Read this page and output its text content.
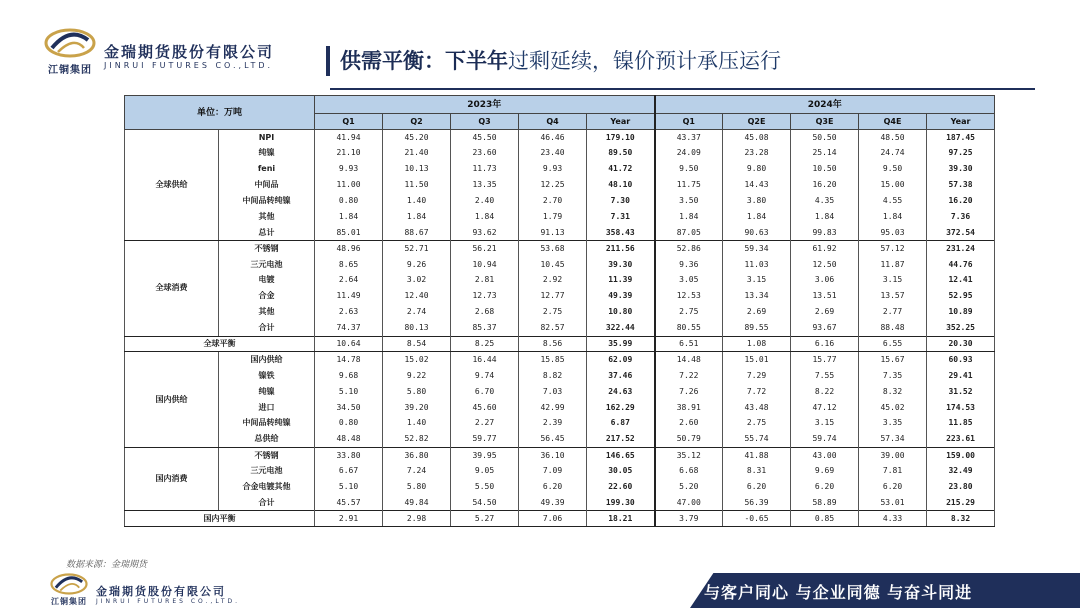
江铜集团
金瑞期货股份有限公司
JINRUI FUTURES CO.,LTD.	供需平衡：下半年过剩延续，镍价预计承压运行
单位：万吨		2023年					2024年				
		Q1	Q2	Q3	Q4	Year	Q1	Q2E	Q3E	Q4E	Year
全球供给	NPI	41.94	45.20	45.50	46.46	179.10	43.37	45.08	50.50	48.50	187.45
	纯镍	21.10	21.40	23.60	23.40	89.50	24.09	23.28	25.14	24.74	97.25
	feni	9.93	10.13	11.73	9.93	41.72	9.50	9.80	10.50	9.50	39.30
	中间品	11.00	11.50	13.35	12.25	48.10	11.75	14.43	16.20	15.00	57.38
	中间品转纯镍	0.80	1.40	2.40	2.70	7.30	3.50	3.80	4.35	4.55	16.20
	其他	1.84	1.84	1.84	1.79	7.31	1.84	1.84	1.84	1.84	7.36
	总计	85.01	88.67	93.62	91.13	358.43	87.05	90.63	99.83	95.03	372.54
全球消费	不锈钢	48.96	52.71	56.21	53.68	211.56	52.86	59.34	61.92	57.12	231.24
	三元电池	8.65	9.26	10.94	10.45	39.30	9.36	11.03	12.50	11.87	44.76
	电镀	2.64	3.02	2.81	2.92	11.39	3.05	3.15	3.06	3.15	12.41
	合金	11.49	12.40	12.73	12.77	49.39	12.53	13.34	13.51	13.57	52.95
	其他	2.63	2.74	2.68	2.75	10.80	2.75	2.69	2.69	2.77	10.89
	合计	74.37	80.13	85.37	82.57	322.44	80.55	89.55	93.67	88.48	352.25
全球平衡		10.64	8.54	8.25	8.56	35.99	6.51	1.08	6.16	6.55	20.30
国内供给	国内供给	14.78	15.02	16.44	15.85	62.09	14.48	15.01	15.77	15.67	60.93
	镍铁	9.68	9.22	9.74	8.82	37.46	7.22	7.29	7.55	7.35	29.41
	纯镍	5.10	5.80	6.70	7.03	24.63	7.26	7.72	8.22	8.32	31.52
	进口	34.50	39.20	45.60	42.99	162.29	38.91	43.48	47.12	45.02	174.53
	中间品转纯镍	0.80	1.40	2.27	2.39	6.87	2.60	2.75	3.15	3.35	11.85
	总供给	48.48	52.82	59.77	56.45	217.52	50.79	55.74	59.74	57.34	223.61
国内消费	不锈钢	33.80	36.80	39.95	36.10	146.65	35.12	41.88	43.00	39.00	159.00
	三元电池	6.67	7.24	9.05	7.09	30.05	6.68	8.31	9.69	7.81	32.49
	合金电镀其他	5.10	5.80	5.50	6.20	22.60	5.20	6.20	6.20	6.20	23.80
	合计	45.57	49.84	54.50	49.39	199.30	47.00	56.39	58.89	53.01	215.29
国内平衡		2.91	2.98	5.27	7.06	18.21	3.79	-0.65	0.85	4.33	8.32
数据来源：金瑞期货
江铜集团
金瑞期货股份有限公司
JINRUI FUTURES CO.,LTD.	与客户同心 与企业同德 与奋斗同进
